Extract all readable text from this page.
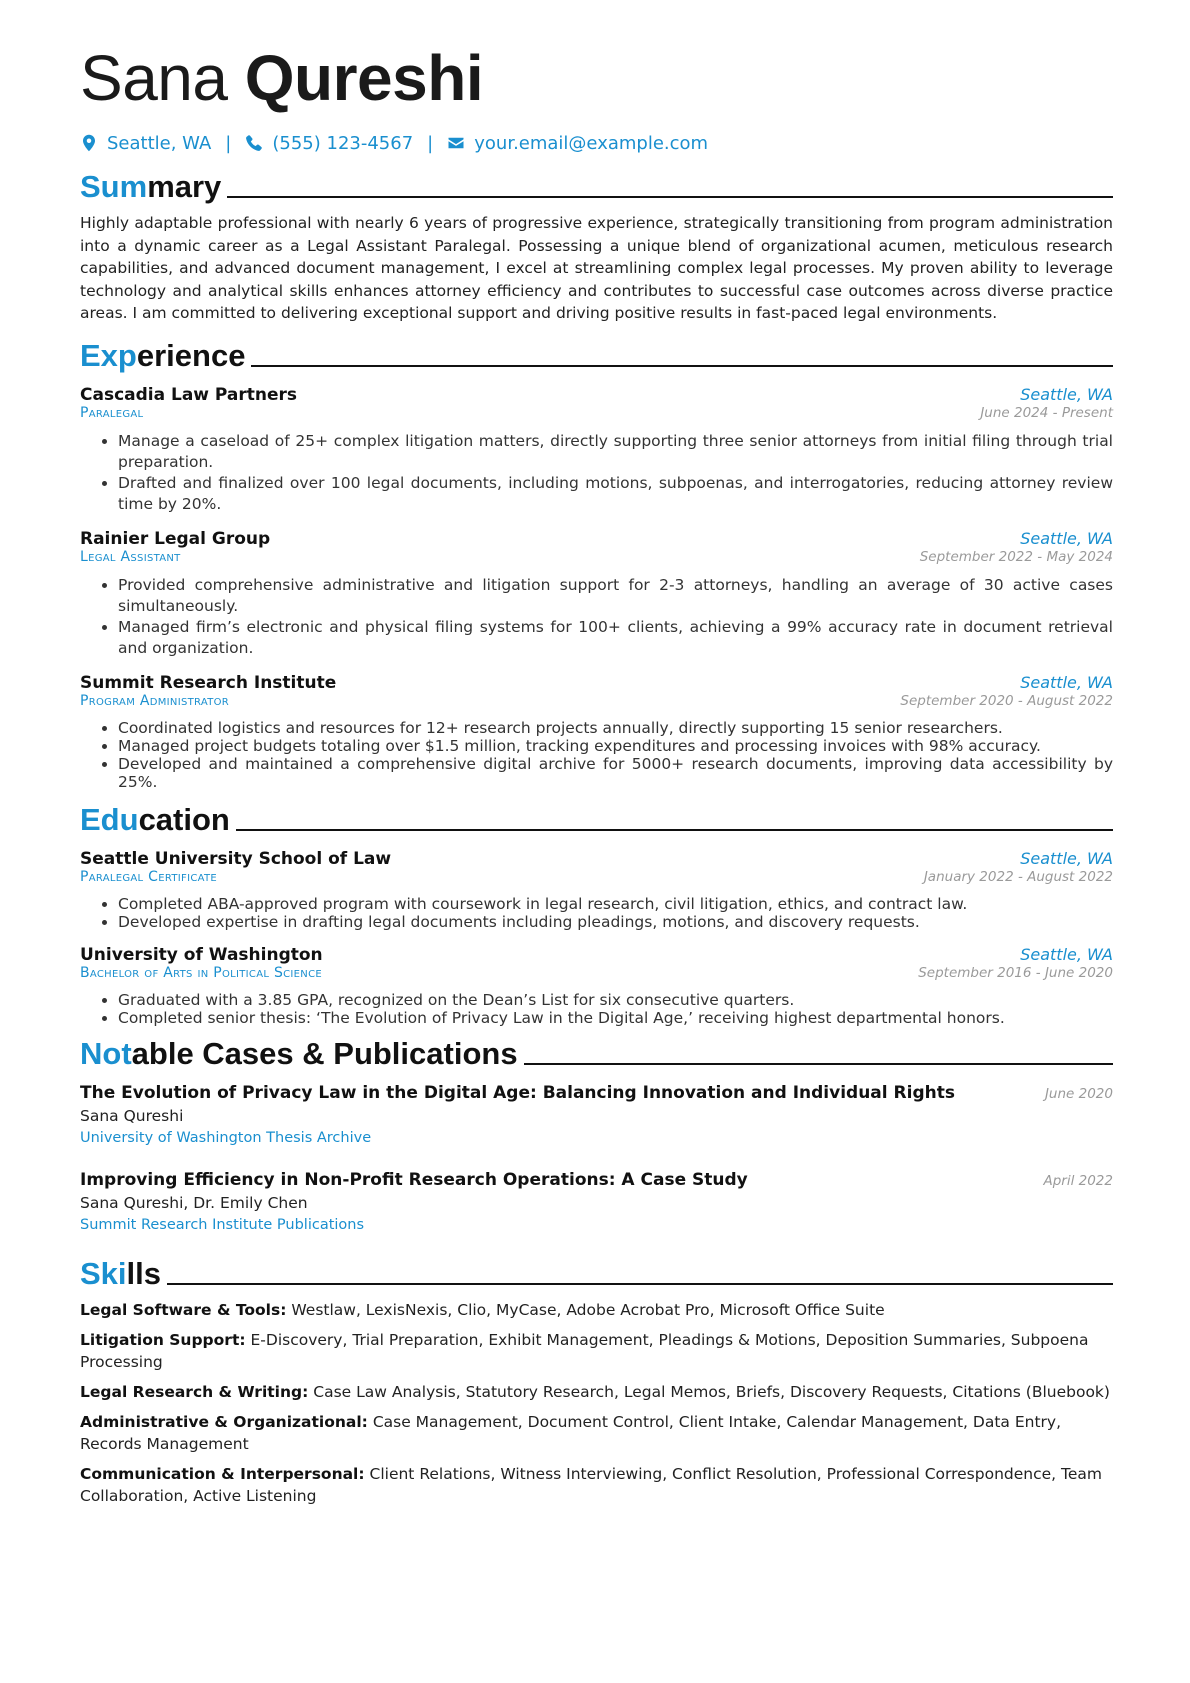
Sana Qureshi
Seattle, WA | (555) 123-4567 | your.email@example.com
Summary

Highly adaptable professional with nearly 6 years of progressive experience, strategically transitioning from program administration into a dynamic career as a Legal Assistant Paralegal. Possessing a unique blend of organizational acumen, meticulous research capabilities, and advanced document management, I excel at streamlining complex legal processes. My proven ability to leverage technology and analytical skills enhances attorney efficiency and contributes to successful case outcomes across diverse practice areas. I am committed to delivering exceptional support and driving positive results in fast-paced legal environments.

Experience
Cascadia Law Partners	Seattle, WA
Paralegal	June 2024 - Present
• Manage a caseload of 25+ complex litigation matters, directly supporting three senior attorneys from initial filing through trial preparation.
• Drafted and finalized over 100 legal documents, including motions, subpoenas, and interrogatories, reducing attorney review time by 20%.
Rainier Legal Group	Seattle, WA
Legal Assistant	September 2022 - May 2024
• Provided comprehensive administrative and litigation support for 2-3 attorneys, handling an average of 30 active cases simultaneously.
• Managed firm’s electronic and physical filing systems for 100+ clients, achieving a 99% accuracy rate in document retrieval and organization.
Summit Research Institute	Seattle, WA
Program Administrator	September 2020 - August 2022
• Coordinated logistics and resources for 12+ research projects annually, directly supporting 15 senior researchers.
• Managed project budgets totaling over $1.5 million, tracking expenditures and processing invoices with 98% accuracy.
• Developed and maintained a comprehensive digital archive for 5000+ research documents, improving data accessibility by 25%.
Education
Seattle University School of Law	Seattle, WA
Paralegal Certificate	January 2022 - August 2022
• Completed ABA-approved program with coursework in legal research, civil litigation, ethics, and contract law.
• Developed expertise in drafting legal documents including pleadings, motions, and discovery requests.
University of Washington	Seattle, WA
Bachelor of Arts in Political Science	September 2016 - June 2020
• Graduated with a 3.85 GPA, recognized on the Dean’s List for six consecutive quarters.
• Completed senior thesis: ‘The Evolution of Privacy Law in the Digital Age,’ receiving highest departmental honors.
Notable Cases & Publications
The Evolution of Privacy Law in the Digital Age: Balancing Innovation and Individual Rights	June 2020
Sana Qureshi
University of Washington Thesis Archive
Improving Efficiency in Non-Profit Research Operations: A Case Study	April 2022
Sana Qureshi, Dr. Emily Chen
Summit Research Institute Publications
Skills
Legal Software & Tools: Westlaw, LexisNexis, Clio, MyCase, Adobe Acrobat Pro, Microsoft Office Suite
Litigation Support: E-Discovery, Trial Preparation, Exhibit Management, Pleadings & Motions, Deposition Summaries, Subpoena Processing
Legal Research & Writing: Case Law Analysis, Statutory Research, Legal Memos, Briefs, Discovery Requests, Citations (Bluebook)
Administrative & Organizational: Case Management, Document Control, Client Intake, Calendar Management, Data Entry, Records Management
Communication & Interpersonal: Client Relations, Witness Interviewing, Conflict Resolution, Professional Correspondence, Team Collaboration, Active Listening
